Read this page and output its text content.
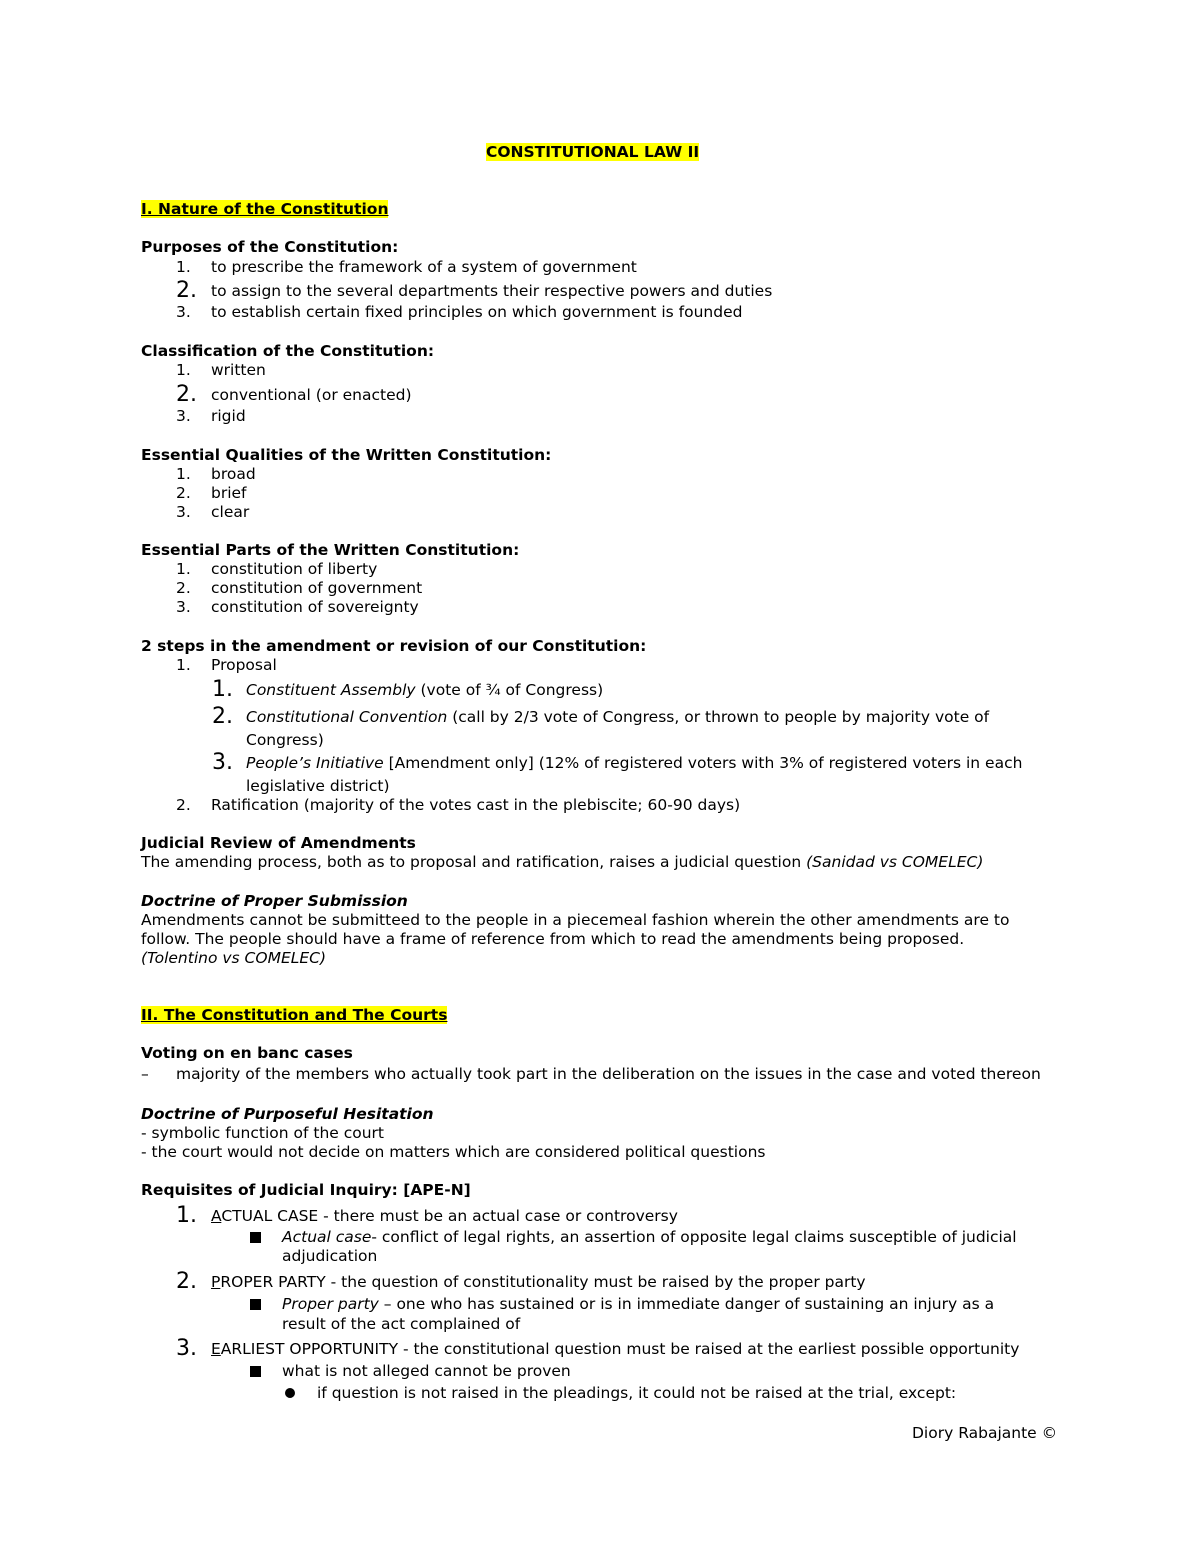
CONSTITUTIONAL LAW II
I. Nature of the Constitution
Purposes of the Constitution:
1. to prescribe the framework of a system of government
2. to assign to the several departments their respective powers and duties
3. to establish certain fixed principles on which government is founded
Classification of the Constitution:
1. written
2. conventional (or enacted)
3. rigid
Essential Qualities of the Written Constitution:
1. broad
2. brief
3. clear
Essential Parts of the Written Constitution:
1. constitution of liberty
2. constitution of government
3. constitution of sovereignty
2 steps in the amendment or revision of our Constitution:
1. Proposal
1. Constituent Assembly (vote of ¾ of Congress)
2. Constitutional Convention (call by 2/3 vote of Congress, or thrown to people by majority vote of
Congress)
3. People’s Initiative [Amendment only] (12% of registered voters with 3% of registered voters in each
legislative district)
2. Ratification (majority of the votes cast in the plebiscite; 60-90 days)
Judicial Review of Amendments
The amending process, both as to proposal and ratification, raises a judicial question (Sanidad vs COMELEC)
Doctrine of Proper Submission
Amendments cannot be submitteed to the people in a piecemeal fashion wherein the other amendments are to
follow. The people should have a frame of reference from which to read the amendments being proposed.
(Tolentino vs COMELEC)
II. The Constitution and The Courts
Voting on en banc cases
– majority of the members who actually took part in the deliberation on the issues in the case and voted thereon
Doctrine of Purposeful Hesitation
- symbolic function of the court
- the court would not decide on matters which are considered political questions
Requisites of Judicial Inquiry: [APE-N]
1. ACTUAL CASE - there must be an actual case or controversy
Actual case- conflict of legal rights, an assertion of opposite legal claims susceptible of judicial
adjudication
2. PROPER PARTY - the question of constitutionality must be raised by the proper party
Proper party – one who has sustained or is in immediate danger of sustaining an injury as a
result of the act complained of
3. EARLIEST OPPORTUNITY - the constitutional question must be raised at the earliest possible opportunity
what is not alleged cannot be proven
if question is not raised in the pleadings, it could not be raised at the trial, except:
Diory Rabajante ©
